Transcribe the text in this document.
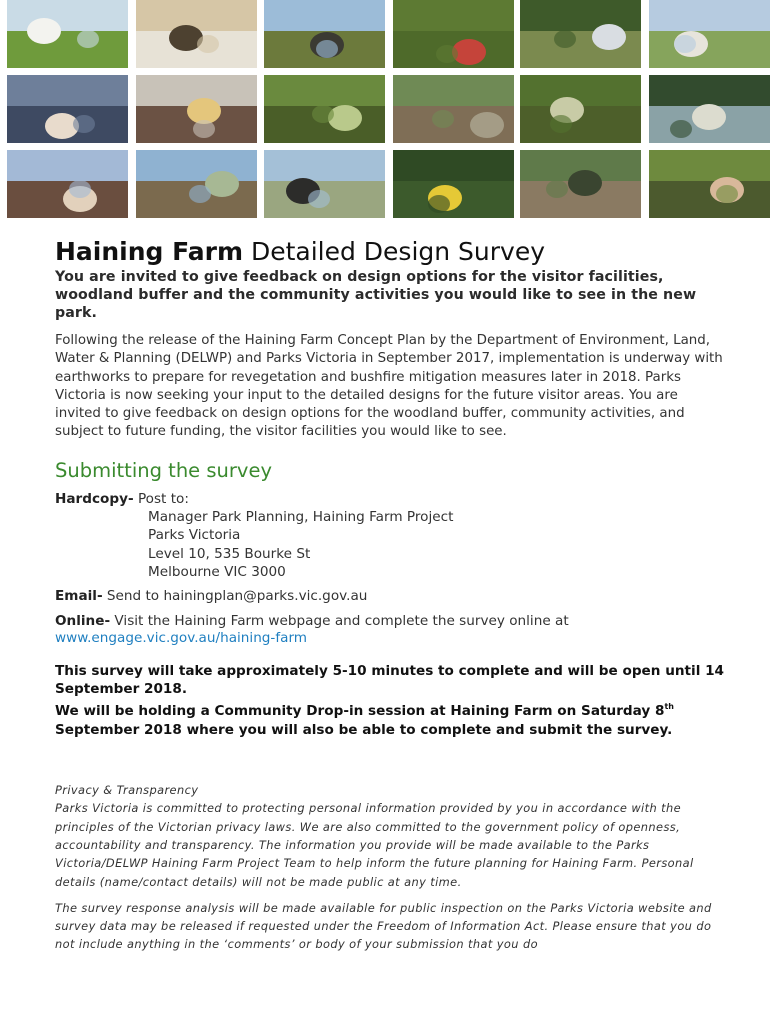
Haining Farm Detailed Design Survey
You are invited to give feedback on design options for the visitor facilities, woodland buffer and the community activities you would like to see in the new park.
Following the release of the Haining Farm Concept Plan by the Department of Environment, Land, Water & Planning (DELWP) and Parks Victoria in September 2017, implementation is underway with earthworks to prepare for revegetation and bushfire mitigation measures later in 2018. Parks Victoria is now seeking your input to the detailed designs for the future visitor areas. You are invited to give feedback on design options for the woodland buffer, community activities, and subject to future funding, the visitor facilities you would like to see.
Submitting the survey
Hardcopy- Post to:
Manager Park Planning, Haining Farm Project
Parks Victoria
Level 10, 535 Bourke St
Melbourne VIC 3000
Email- Send to hainingplan@parks.vic.gov.au
Online- Visit the Haining Farm webpage and complete the survey online at
www.engage.vic.gov.au/haining-farm
This survey will take approximately 5-10 minutes to complete and will be open until 14 September 2018.
We will be holding a Community Drop-in session at Haining Farm on Saturday 8th September 2018 where you will also be able to complete and submit the survey.
Privacy & Transparency
Parks Victoria is committed to protecting personal information provided by you in accordance with the principles of the Victorian privacy laws. We are also committed to the government policy of openness, accountability and transparency. The information you provide will be made available to the Parks Victoria/DELWP Haining Farm Project Team to help inform the future planning for Haining Farm. Personal details (name/contact details) will not be made public at any time.
The survey response analysis will be made available for public inspection on the Parks Victoria website and survey data may be released if requested under the Freedom of Information Act. Please ensure that you do not include anything in the ‘comments’ or body of your submission that you do
